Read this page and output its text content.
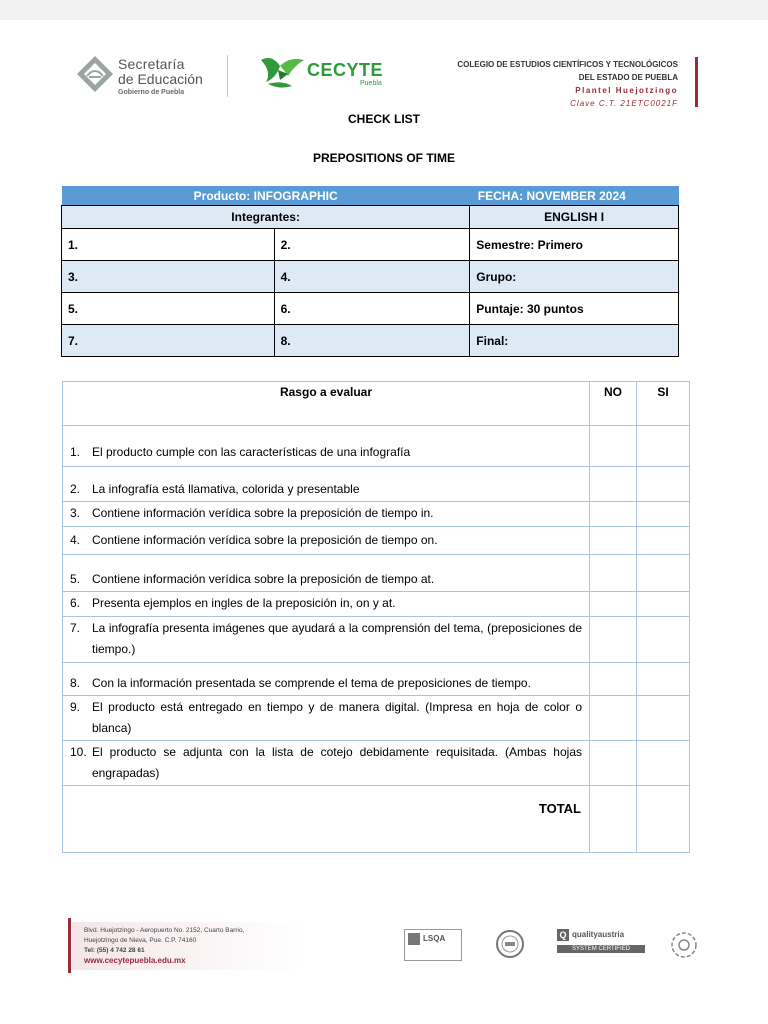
Secretaría
de Educación
Gobierno de Puebla
CECYTE
Puebla
COLEGIO DE ESTUDIOS CIENTÍFICOS Y TECNOLÓGICOS
DEL ESTADO DE PUEBLA
Plantel Huejotzingo
Clave C.T. 21ETC0021F
CHECK LIST
PREPOSITIONS OF TIME
Producto: INFOGRAPHIC		FECHA: NOVEMBER 2024
Integrantes:		ENGLISH I
1.	2.	Semestre: Primero
3.	4.	Grupo:
5.	6.	Puntaje: 30 puntos
7.	8.	Final:
Rasgo a evaluar	NO	SI

1. El producto cumple con las características de una infografía		

2. La infografía está llamativa, colorida y presentable		

3. Contiene información verídica sobre la preposición de tiempo in.		

4. Contiene información verídica sobre la preposición de tiempo on.		

5. Contiene información verídica sobre la preposición de tiempo at.		

6. Presenta ejemplos en ingles de la preposición in, on y at.		

7. La infografía presenta imágenes que ayudará a la comprensión del tema, (preposiciones de tiempo.)		

8. Con la información presentada se comprende el tema de preposiciones de tiempo.		

9. El producto está entregado en tiempo y de manera digital. (Impresa en hoja de color o blanca)		

10. El producto se adjunta con la lista de cotejo debidamente requisitada. (Ambas hojas engrapadas)		

TOTAL		
Blvd. Huejotzingo - Aeropuerto No. 2152, Cuarto Barrio,
Huejotzingo de Nieva, Pue. C.P. 74160
Tel: (55) 4 742 28 61
www.cecytepuebla.edu.mx
LSQA	Q qualityaustria
SYSTEM CERTIFIED
